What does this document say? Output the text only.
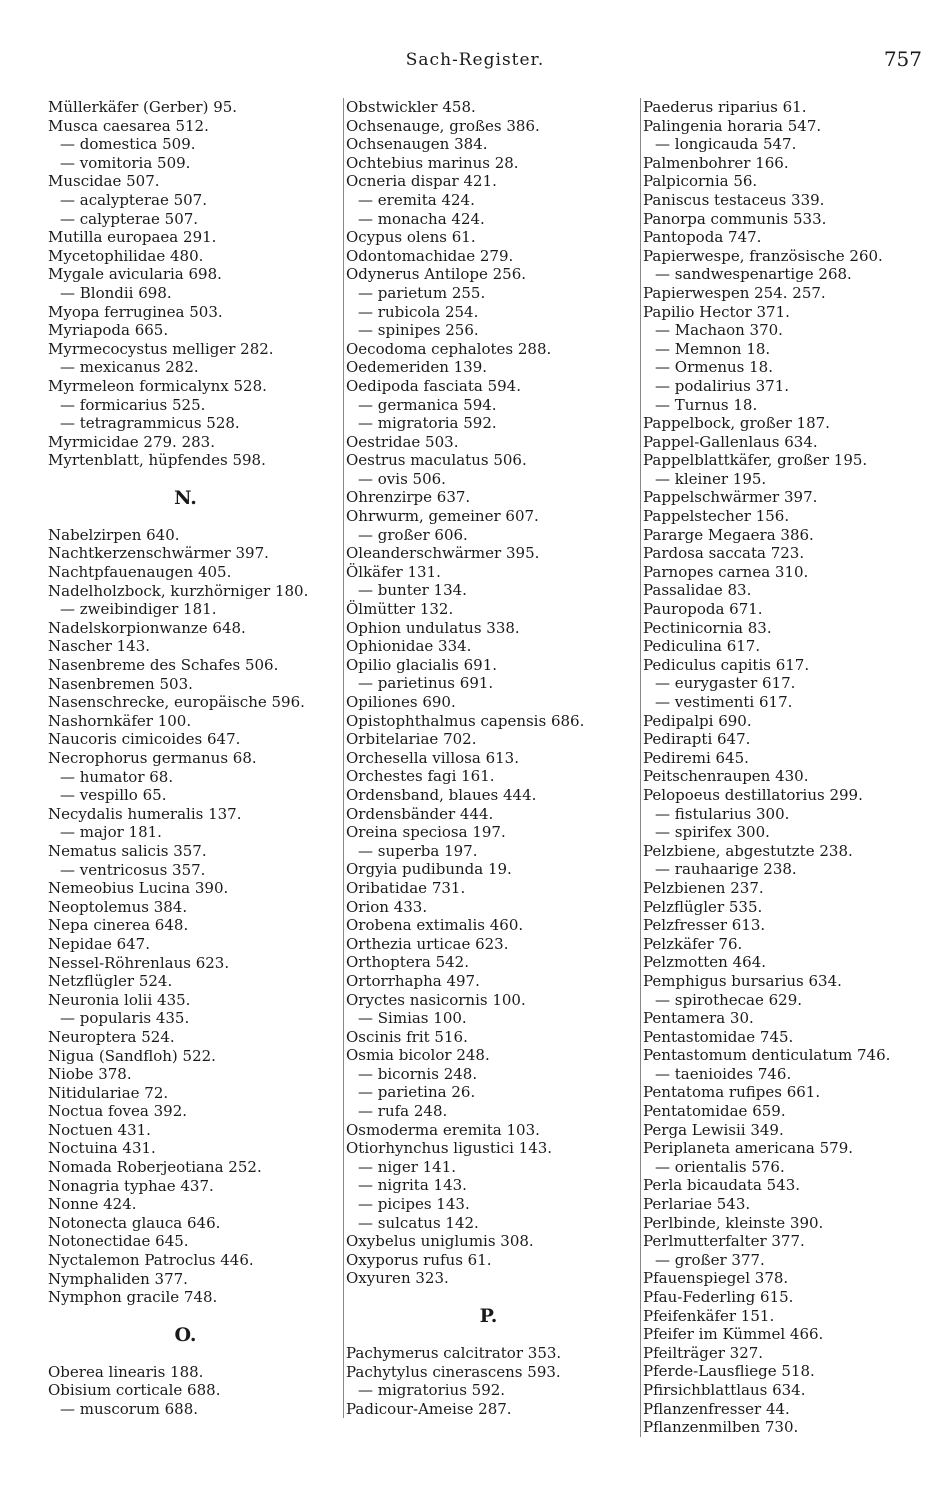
Sach-Register.	757
Müllerkäfer (Gerber) 95.
Musca caesarea 512.
— domestica 509.
— vomitoria 509.
Muscidae 507.
— acalypterae 507.
— calypterae 507.
Mutilla europaea 291.
Mycetophilidae 480.
Mygale avicularia 698.
— Blondii 698.
Myopa ferruginea 503.
Myriapoda 665.
Myrmecocystus melliger 282.
— mexicanus 282.
Myrmeleon formicalynx 528.
— formicarius 525.
— tetragrammicus 528.
Myrmicidae 279. 283.
Myrtenblatt, hüpfendes 598.
N.
Nabelzirpen 640.
Nachtkerzenschwärmer 397.
Nachtpfauenaugen 405.
Nadelholzbock, kurzhörniger 180.
— zweibindiger 181.
Nadelskorpionwanze 648.
Nascher 143.
Nasenbreme des Schafes 506.
Nasenbremen 503.
Nasenschrecke, europäische 596.
Nashornkäfer 100.
Naucoris cimicoides 647.
Necrophorus germanus 68.
— humator 68.
— vespillo 65.
Necydalis humeralis 137.
— major 181.
Nematus salicis 357.
— ventricosus 357.
Nemeobius Lucina 390.
Neoptolemus 384.
Nepa cinerea 648.
Nepidae 647.
Nessel-Röhrenlaus 623.
Netzflügler 524.
Neuronia lolii 435.
— popularis 435.
Neuroptera 524.
Nigua (Sandfloh) 522.
Niobe 378.
Nitidulariae 72.
Noctua fovea 392.
Noctuen 431.
Noctuina 431.
Nomada Roberjeotiana 252.
Nonagria typhae 437.
Nonne 424.
Notonecta glauca 646.
Notonectidae 645.
Nyctalemon Patroclus 446.
Nymphaliden 377.
Nymphon gracile 748.
O.
Oberea linearis 188.
Obisium corticale 688.
— muscorum 688.
Obstwickler 458.
Ochsenauge, großes 386.
Ochsenaugen 384.
Ochtebius marinus 28.
Ocneria dispar 421.
— eremita 424.
— monacha 424.
Ocypus olens 61.
Odontomachidae 279.
Odynerus Antilope 256.
— parietum 255.
— rubicola 254.
— spinipes 256.
Oecodoma cephalotes 288.
Oedemeriden 139.
Oedipoda fasciata 594.
— germanica 594.
— migratoria 592.
Oestridae 503.
Oestrus maculatus 506.
— ovis 506.
Ohrenzirpe 637.
Ohrwurm, gemeiner 607.
— großer 606.
Oleanderschwärmer 395.
Ölkäfer 131.
— bunter 134.
Ölmütter 132.
Ophion undulatus 338.
Ophionidae 334.
Opilio glacialis 691.
— parietinus 691.
Opiliones 690.
Opistophthalmus capensis 686.
Orbitelariae 702.
Orchesella villosa 613.
Orchestes fagi 161.
Ordensband, blaues 444.
Ordensbänder 444.
Oreina speciosa 197.
— superba 197.
Orgyia pudibunda 19.
Oribatidae 731.
Orion 433.
Orobena extimalis 460.
Orthezia urticae 623.
Orthoptera 542.
Ortorrhapha 497.
Oryctes nasicornis 100.
— Simias 100.
Oscinis frit 516.
Osmia bicolor 248.
— bicornis 248.
— parietina 26.
— rufa 248.
Osmoderma eremita 103.
Otiorhynchus ligustici 143.
— niger 141.
— nigrita 143.
— picipes 143.
— sulcatus 142.
Oxybelus uniglumis 308.
Oxyporus rufus 61.
Oxyuren 323.
P.
Pachymerus calcitrator 353.
Pachytylus cinerascens 593.
— migratorius 592.
Padicour-Ameise 287.
Paederus riparius 61.
Palingenia horaria 547.
— longicauda 547.
Palmenbohrer 166.
Palpicornia 56.
Paniscus testaceus 339.
Panorpa communis 533.
Pantopoda 747.
Papierwespe, französische 260.
— sandwespenartige 268.
Papierwespen 254. 257.
Papilio Hector 371.
— Machaon 370.
— Memnon 18.
— Ormenus 18.
— podalirius 371.
— Turnus 18.
Pappelbock, großer 187.
Pappel-Gallenlaus 634.
Pappelblattkäfer, großer 195.
— kleiner 195.
Pappelschwärmer 397.
Pappelstecher 156.
Pararge Megaera 386.
Pardosa saccata 723.
Parnopes carnea 310.
Passalidae 83.
Pauropoda 671.
Pectinicornia 83.
Pediculina 617.
Pediculus capitis 617.
— eurygaster 617.
— vestimenti 617.
Pedipalpi 690.
Pedirapti 647.
Pediremi 645.
Peitschenraupen 430.
Pelopoeus destillatorius 299.
— fistularius 300.
— spirifex 300.
Pelzbiene, abgestutzte 238.
— rauhaarige 238.
Pelzbienen 237.
Pelzflügler 535.
Pelzfresser 613.
Pelzkäfer 76.
Pelzmotten 464.
Pemphigus bursarius 634.
— spirothecae 629.
Pentamera 30.
Pentastomidae 745.
Pentastomum denticulatum 746.
— taenioides 746.
Pentatoma rufipes 661.
Pentatomidae 659.
Perga Lewisii 349.
Periplaneta americana 579.
— orientalis 576.
Perla bicaudata 543.
Perlariae 543.
Perlbinde, kleinste 390.
Perlmutterfalter 377.
— großer 377.
Pfauenspiegel 378.
Pfau-Federling 615.
Pfeifenkäfer 151.
Pfeifer im Kümmel 466.
Pfeilträger 327.
Pferde-Lausfliege 518.
Pfirsichblattlaus 634.
Pflanzenfresser 44.
Pflanzenmilben 730.
